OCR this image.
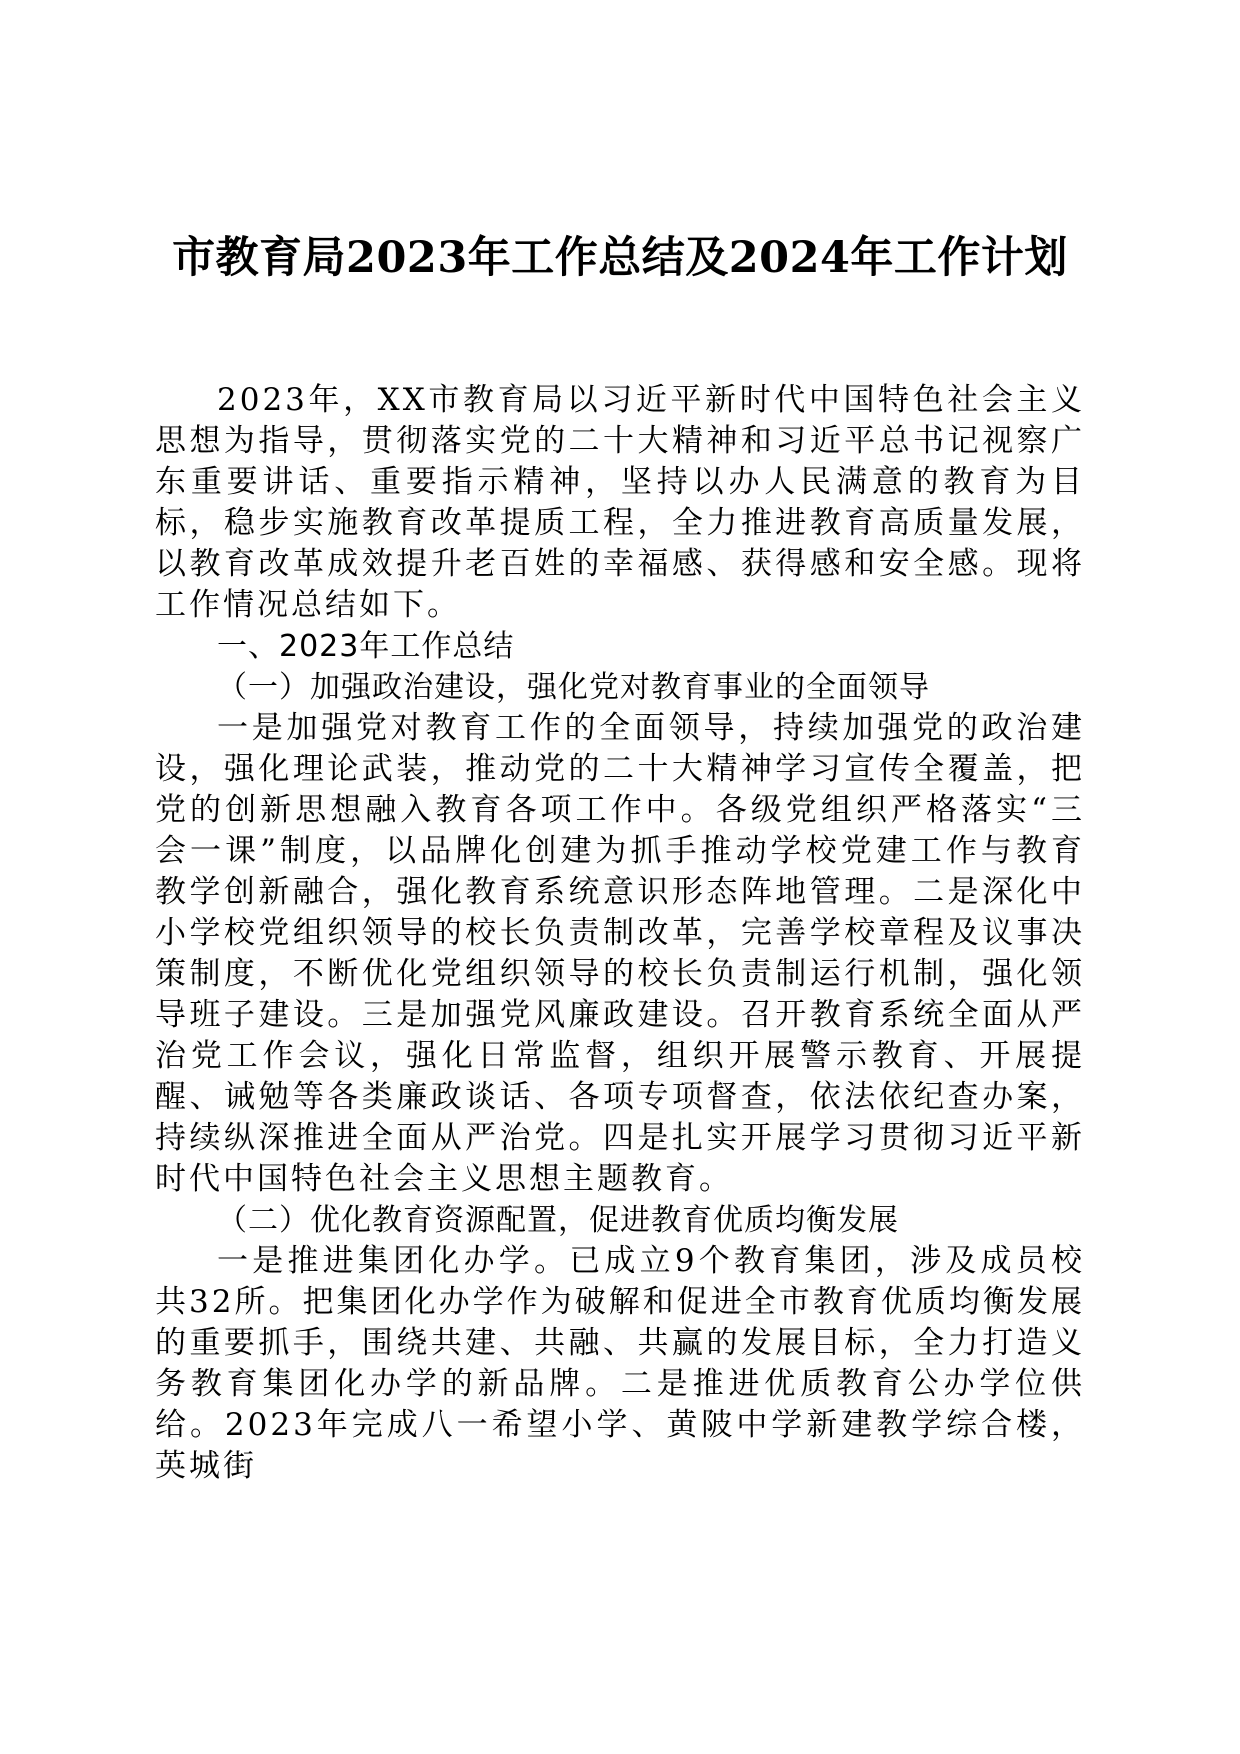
市教育局2023年工作总结及2024年工作计划

2023年，XX市教育局以习近平新时代中国特色社会主义思想为指导，贯彻落实党的二十大精神和习近平总书记视察广东重要讲话、重要指示精神，坚持以办人民满意的教育为目标，稳步实施教育改革提质工程，全力推进教育高质量发展，以教育改革成效提升老百姓的幸福感、获得感和安全感。现将工作情况总结如下。

一、2023年工作总结

（一）加强政治建设，强化党对教育事业的全面领导

一是加强党对教育工作的全面领导，持续加强党的政治建设，强化理论武装，推动党的二十大精神学习宣传全覆盖，把党的创新思想融入教育各项工作中。各级党组织严格落实“三会一课”制度，以品牌化创建为抓手推动学校党建工作与教育教学创新融合，强化教育系统意识形态阵地管理。二是深化中小学校党组织领导的校长负责制改革，完善学校章程及议事决策制度，不断优化党组织领导的校长负责制运行机制，强化领导班子建设。三是加强党风廉政建设。召开教育系统全面从严治党工作会议，强化日常监督，组织开展警示教育、开展提醒、诫勉等各类廉政谈话、各项专项督查，依法依纪查办案，持续纵深推进全面从严治党。四是扎实开展学习贯彻习近平新时代中国特色社会主义思想主题教育。

（二）优化教育资源配置，促进教育优质均衡发展

一是推进集团化办学。已成立9个教育集团，涉及成员校共32所。把集团化办学作为破解和促进全市教育优质均衡发展的重要抓手，围绕共建、共融、共赢的发展目标，全力打造义务教育集团化办学的新品牌。二是推进优质教育公办学位供给。2023年完成八一希望小学、黄陂中学新建教学综合楼，英城街
